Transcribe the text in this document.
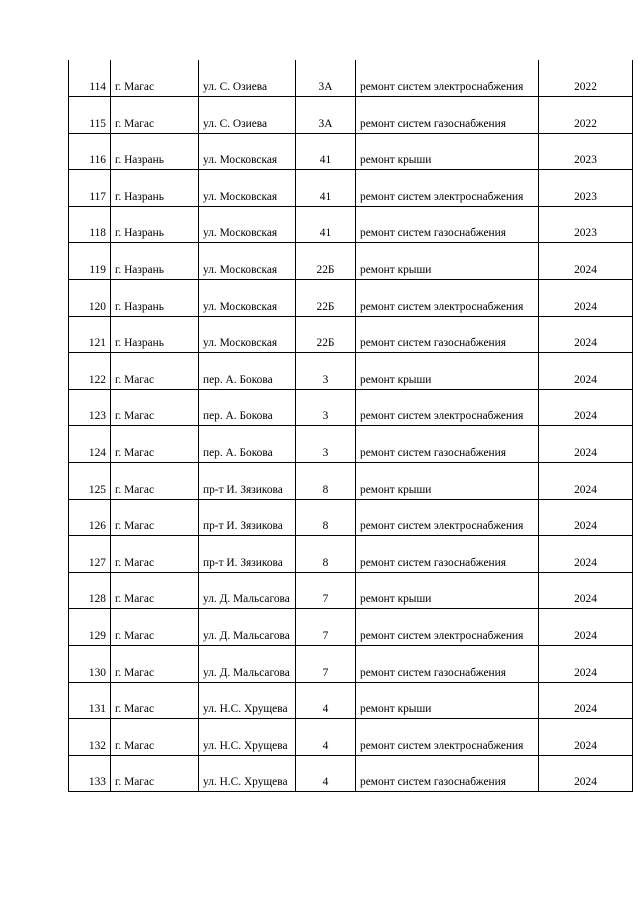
114	г. Магас	ул. С. Озиева	3А	ремонт систем электроснабжения	2022
115	г. Магас	ул. С. Озиева	3А	ремонт систем газоснабжения	2022
116	г. Назрань	ул. Московская	41	ремонт крыши	2023
117	г. Назрань	ул. Московская	41	ремонт систем электроснабжения	2023
118	г. Назрань	ул. Московская	41	ремонт систем газоснабжения	2023
119	г. Назрань	ул. Московская	22Б	ремонт крыши	2024
120	г. Назрань	ул. Московская	22Б	ремонт систем электроснабжения	2024
121	г. Назрань	ул. Московская	22Б	ремонт систем газоснабжения	2024
122	г. Магас	пер. А. Бокова	3	ремонт крыши	2024
123	г. Магас	пер. А. Бокова	3	ремонт систем электроснабжения	2024
124	г. Магас	пер. А. Бокова	3	ремонт систем газоснабжения	2024
125	г. Магас	пр-т И. Зязикова	8	ремонт крыши	2024
126	г. Магас	пр-т И. Зязикова	8	ремонт систем электроснабжения	2024
127	г. Магас	пр-т И. Зязикова	8	ремонт систем газоснабжения	2024
128	г. Магас	ул. Д. Мальсагова	7	ремонт крыши	2024
129	г. Магас	ул. Д. Мальсагова	7	ремонт систем электроснабжения	2024
130	г. Магас	ул. Д. Мальсагова	7	ремонт систем газоснабжения	2024
131	г. Магас	ул. Н.С. Хрущева	4	ремонт крыши	2024
132	г. Магас	ул. Н.С. Хрущева	4	ремонт систем электроснабжения	2024
133	г. Магас	ул. Н.С. Хрущева	4	ремонт систем газоснабжения	2024
